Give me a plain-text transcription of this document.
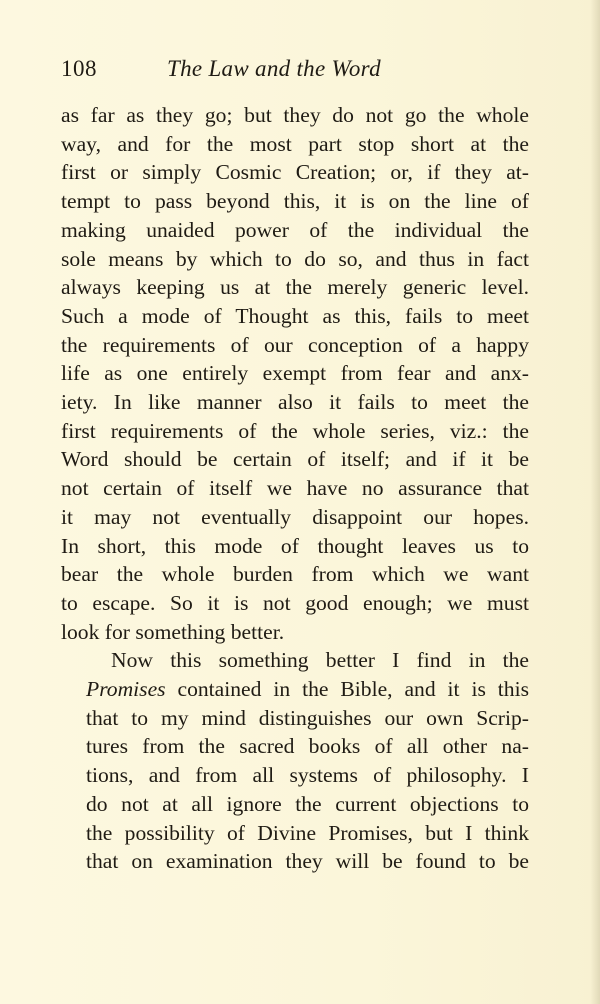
108	The Law and the Word
as far as they go; but they do not go the whole
way, and for the most part stop short at the
first or simply Cosmic Creation; or, if they at-
tempt to pass beyond this, it is on the line of
making unaided power of the individual the
sole means by which to do so, and thus in fact
always keeping us at the merely generic level.
Such a mode of Thought as this, fails to meet
the requirements of our conception of a happy
life as one entirely exempt from fear and anx-
iety. In like manner also it fails to meet the
first requirements of the whole series, viz.: the
Word should be certain of itself; and if it be
not certain of itself we have no assurance that
it may not eventually disappoint our hopes.
In short, this mode of thought leaves us to
bear the whole burden from which we want
to escape. So it is not good enough; we must
look for something better.
Now this something better I find in the
Promises contained in the Bible, and it is this
that to my mind distinguishes our own Scrip-
tures from the sacred books of all other na-
tions, and from all systems of philosophy. I
do not at all ignore the current objections to
the possibility of Divine Promises, but I think
that on examination they will be found to be
